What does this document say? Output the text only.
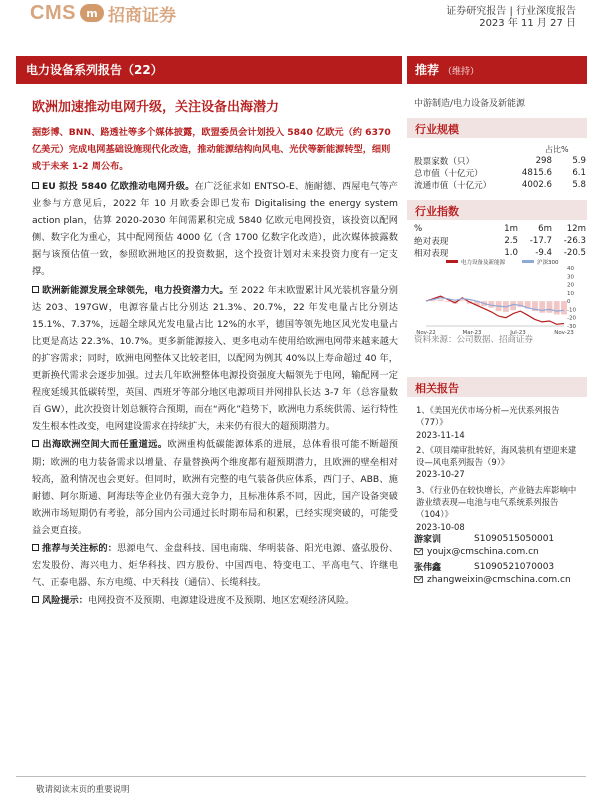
CMS m 招商证券	证券研究报告 | 行业深度报告
2023 年 11 月 27 日
电力设备系列报告（22）	推荐 （维持）
欧洲加速推动电网升级，关注设备出海潜力
据彭博、BNN、路透社等多个媒体披露，欧盟委员会计划投入 5840 亿欧元（约 6370 亿美元）完成电网基础设施现代化改造，推动能源结构向风电、光伏等新能源转型，细则或于未来 1-2 周公布。
EU 拟投 5840 亿欧推动电网升级。在广泛征求如 ENTSO-E、施耐德、西屋电气等产业参与方意见后，2022 年 10 月欧委会即已发布 Digitalising the energy system action plan，估算 2020-2030 年间需累积完成 5840 亿欧元电网投资，该投资以配网侧、数字化为重心，其中配网预估 4000 亿（含 1700 亿数字化改造），此次媒体披露数据与该预估值一致，参照欧洲地区的投资数据，这个投资计划对未来投资力度有一定支撑。
欧洲新能源发展全球领先，电力投资潜力大。至 2022 年末欧盟累计风光装机容量分别达 203、197GW，电源容量占比分别达 21.3%、20.7%，22 年发电量占比分别达 15.1%、7.37%，远超全球风光发电量占比 12%的水平，德国等领先地区风光发电量占比更是高达 22.3%、10.7%。更多新能源接入、更多电动车使用给欧洲电网带来越来越大的扩容需求；同时，欧洲电网整体又比较老旧，以配网为例其 40%以上寿命超过 40 年，更新换代需求会逐步加强。过去几年欧洲整体电源投资强度大幅领先于电网，输配网一定程度延缓其低碳转型，英国、西班牙等部分地区电源项目并网排队长达 3-7 年（总容量数百 GW），此次投资计划总额符合预期，而在“两化”趋势下，欧洲电力系统供需、运行特性发生根本性改变，电网建设需求在持续扩大，未来仍有很大的超预期潜力。
出海欧洲空间大而任重道远。欧洲重构低碳能源体系的进展，总体看很可能不断超预期；欧洲的电力装备需求以增量、存量替换两个维度都有超预期潜力，且欧洲的壁垒相对较高，盈利情况也会更好。但同时，欧洲有完整的电气装备供应体系，西门子、ABB、施耐德、阿尔斯通、阿海珐等企业仍有强大竞争力，且标准体系不同，因此，国产设备突破欧洲市场短期仍有考验，部分国内公司通过长时期布局和积累，已经实现突破的，可能受益会更直接。
推荐与关注标的：思源电气、金盘科技、国电南瑞、华明装备、阳光电源、盛弘股份、宏发股份、海兴电力、炬华科技、四方股份、中国西电、特变电工、平高电气、许继电气、正泰电器、东方电缆、中天科技（通信）、长缆科技。
风险提示：电网投资不及预期、电源建设进度不及预期、地区宏观经济风险。
中游制造/电力设备及新能源
行业规模
占比%
股票家数（只）	298	5.9
总市值（十亿元）	4815.6	6.1
流通市值（十亿元）	4002.6	5.8
行业指数
%	1m	6m	12m
绝对表现	2.5	-17.7	-26.3
相对表现	1.0	-9.4	-20.5
电力设备及新能源	沪深300
40
30
20
10
0
-10
-20
-30
Nov-22	Mar-23	Jul-23	Nov-23
资料来源：公司数据、招商证券
相关报告
1、《美国光伏市场分析—光伏系列报告（77）》
2023-11-14
2、《项目端审批转好，海风装机有望迎来建设—风电系列报告（9）》
2023-10-27
3、《行业仍在较快增长，产业链去库影响中游业绩表现—电池与电气系统系列报告（104）》
2023-10-08
游家训	S1090515050001
youjx@cmschina.com.cn
张伟鑫	S1090521070003
zhangweixin@cmschina.com.cn
敬请阅读末页的重要说明
